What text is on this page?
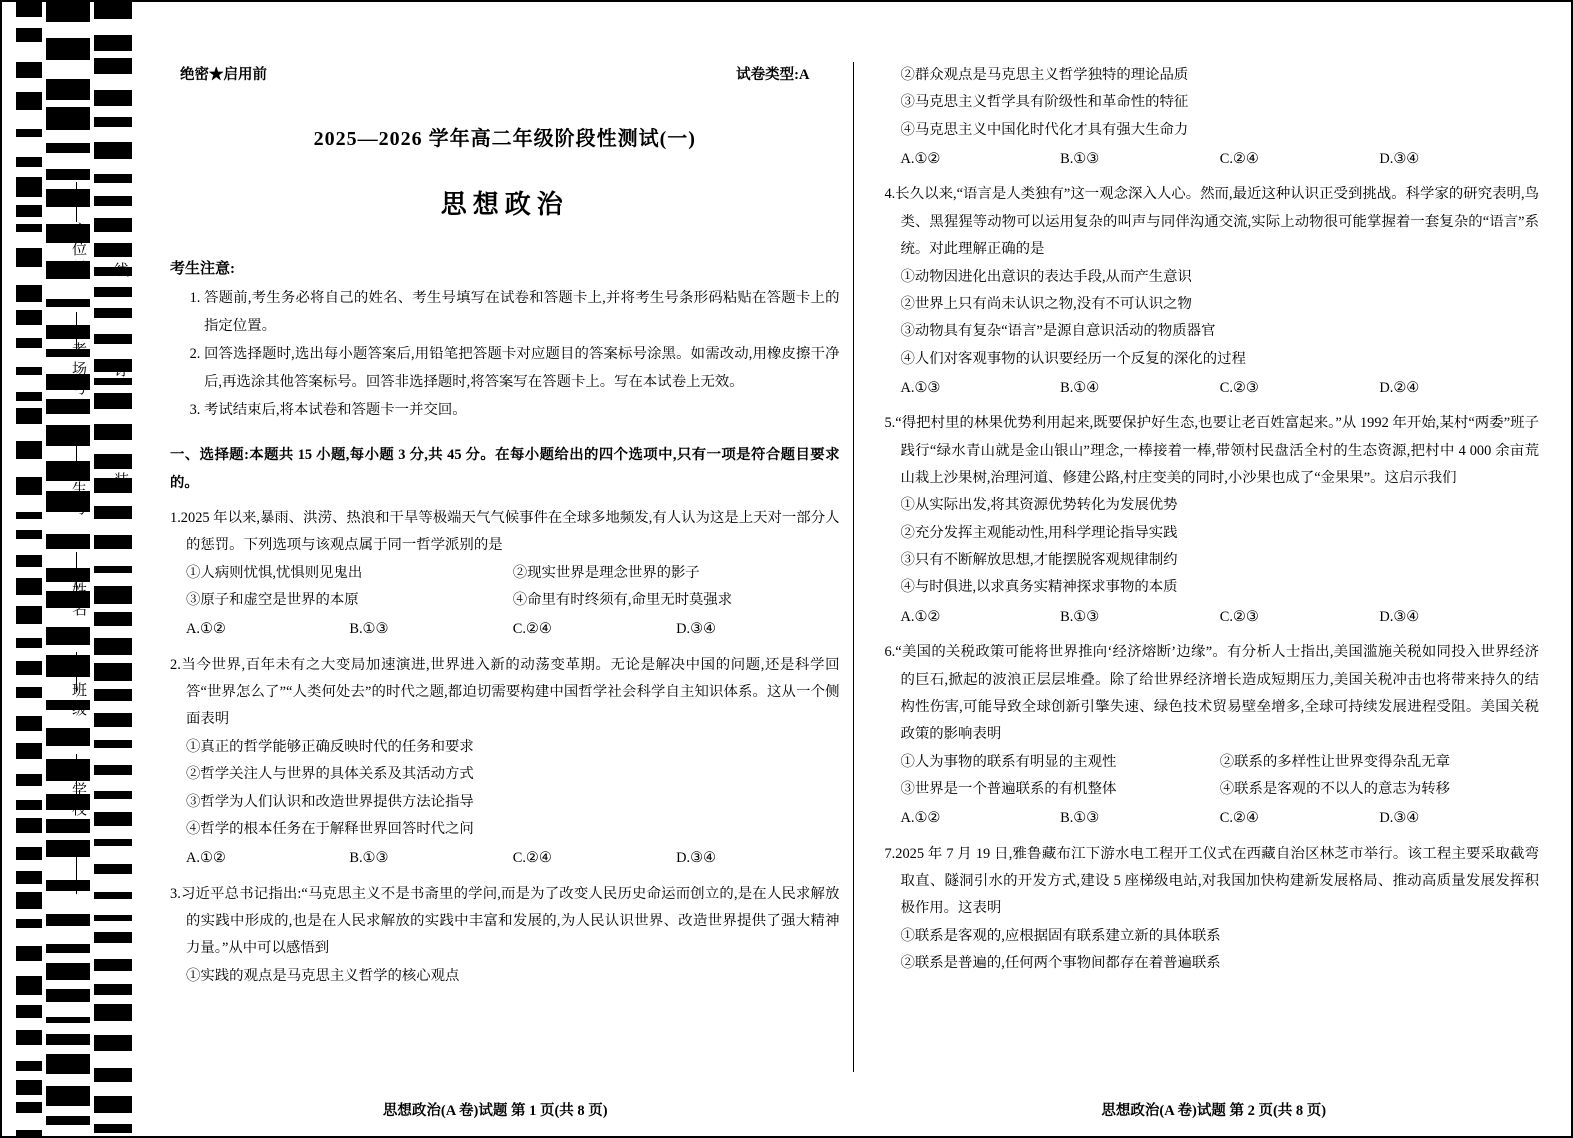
座位号
考场号
考生号
姓名
班级
学校
线
订
装
绝密★启用前	试卷类型:A
2025—2026 学年高二年级阶段性测试(一)
思想政治
考生注意:
1. 答题前,考生务必将自己的姓名、考生号填写在试卷和答题卡上,并将考生号条形码粘贴在答题卡上的指定位置。
2. 回答选择题时,选出每小题答案后,用铅笔把答题卡对应题目的答案标号涂黑。如需改动,用橡皮擦干净后,再选涂其他答案标号。回答非选择题时,将答案写在答题卡上。写在本试卷上无效。
3. 考试结束后,将本试卷和答题卡一并交回。
一、选择题:本题共 15 小题,每小题 3 分,共 45 分。在每小题给出的四个选项中,只有一项是符合题目要求的。
1.2025 年以来,暴雨、洪涝、热浪和干旱等极端天气气候事件在全球多地频发,有人认为这是上天对一部分人的惩罚。下列选项与该观点属于同一哲学派别的是
①人病则忧惧,忧惧则见鬼出	②现实世界是理念世界的影子
③原子和虚空是世界的本原	④命里有时终须有,命里无时莫强求
A.①②	B.①③	C.②④	D.③④
2.当今世界,百年未有之大变局加速演进,世界进入新的动荡变革期。无论是解决中国的问题,还是科学回答“世界怎么了”“人类何处去”的时代之题,都迫切需要构建中国哲学社会科学自主知识体系。这从一个侧面表明
①真正的哲学能够正确反映时代的任务和要求
②哲学关注人与世界的具体关系及其活动方式
③哲学为人们认识和改造世界提供方法论指导
④哲学的根本任务在于解释世界回答时代之问
A.①②	B.①③	C.②④	D.③④
3.习近平总书记指出:“马克思主义不是书斋里的学问,而是为了改变人民历史命运而创立的,是在人民求解放的实践中形成的,也是在人民求解放的实践中丰富和发展的,为人民认识世界、改造世界提供了强大精神力量。”从中可以感悟到
①实践的观点是马克思主义哲学的核心观点
②群众观点是马克思主义哲学独特的理论品质
③马克思主义哲学具有阶级性和革命性的特征
④马克思主义中国化时代化才具有强大生命力
A.①②	B.①③	C.②④	D.③④
4.长久以来,“语言是人类独有”这一观念深入人心。然而,最近这种认识正受到挑战。科学家的研究表明,鸟类、黑猩猩等动物可以运用复杂的叫声与同伴沟通交流,实际上动物很可能掌握着一套复杂的“语言”系统。对此理解正确的是
①动物因进化出意识的表达手段,从而产生意识
②世界上只有尚未认识之物,没有不可认识之物
③动物具有复杂“语言”是源自意识活动的物质器官
④人们对客观事物的认识要经历一个反复的深化的过程
A.①③	B.①④	C.②③	D.②④
5.“得把村里的林果优势利用起来,既要保护好生态,也要让老百姓富起来。”从 1992 年开始,某村“两委”班子践行“绿水青山就是金山银山”理念,一棒接着一棒,带领村民盘活全村的生态资源,把村中 4 000 余亩荒山栽上沙果树,治理河道、修建公路,村庄变美的同时,小沙果也成了“金果果”。这启示我们
①从实际出发,将其资源优势转化为发展优势
②充分发挥主观能动性,用科学理论指导实践
③只有不断解放思想,才能摆脱客观规律制约
④与时俱进,以求真务实精神探求事物的本质
A.①②	B.①③	C.②③	D.③④
6.“美国的关税政策可能将世界推向‘经济熔断’边缘”。有分析人士指出,美国滥施关税如同投入世界经济的巨石,掀起的波浪正层层堆叠。除了给世界经济增长造成短期压力,美国关税冲击也将带来持久的结构性伤害,可能导致全球创新引擎失速、绿色技术贸易壁垒增多,全球可持续发展进程受阻。美国关税政策的影响表明
①人为事物的联系有明显的主观性	②联系的多样性让世界变得杂乱无章
③世界是一个普遍联系的有机整体	④联系是客观的不以人的意志为转移
A.①②	B.①③	C.②④	D.③④
7.2025 年 7 月 19 日,雅鲁藏布江下游水电工程开工仪式在西藏自治区林芝市举行。该工程主要采取截弯取直、隧洞引水的开发方式,建设 5 座梯级电站,对我国加快构建新发展格局、推动高质量发展发挥积极作用。这表明
①联系是客观的,应根据固有联系建立新的具体联系
②联系是普遍的,任何两个事物间都存在着普遍联系
思想政治(A 卷)试题 第 1 页(共 8 页)	思想政治(A 卷)试题 第 2 页(共 8 页)
